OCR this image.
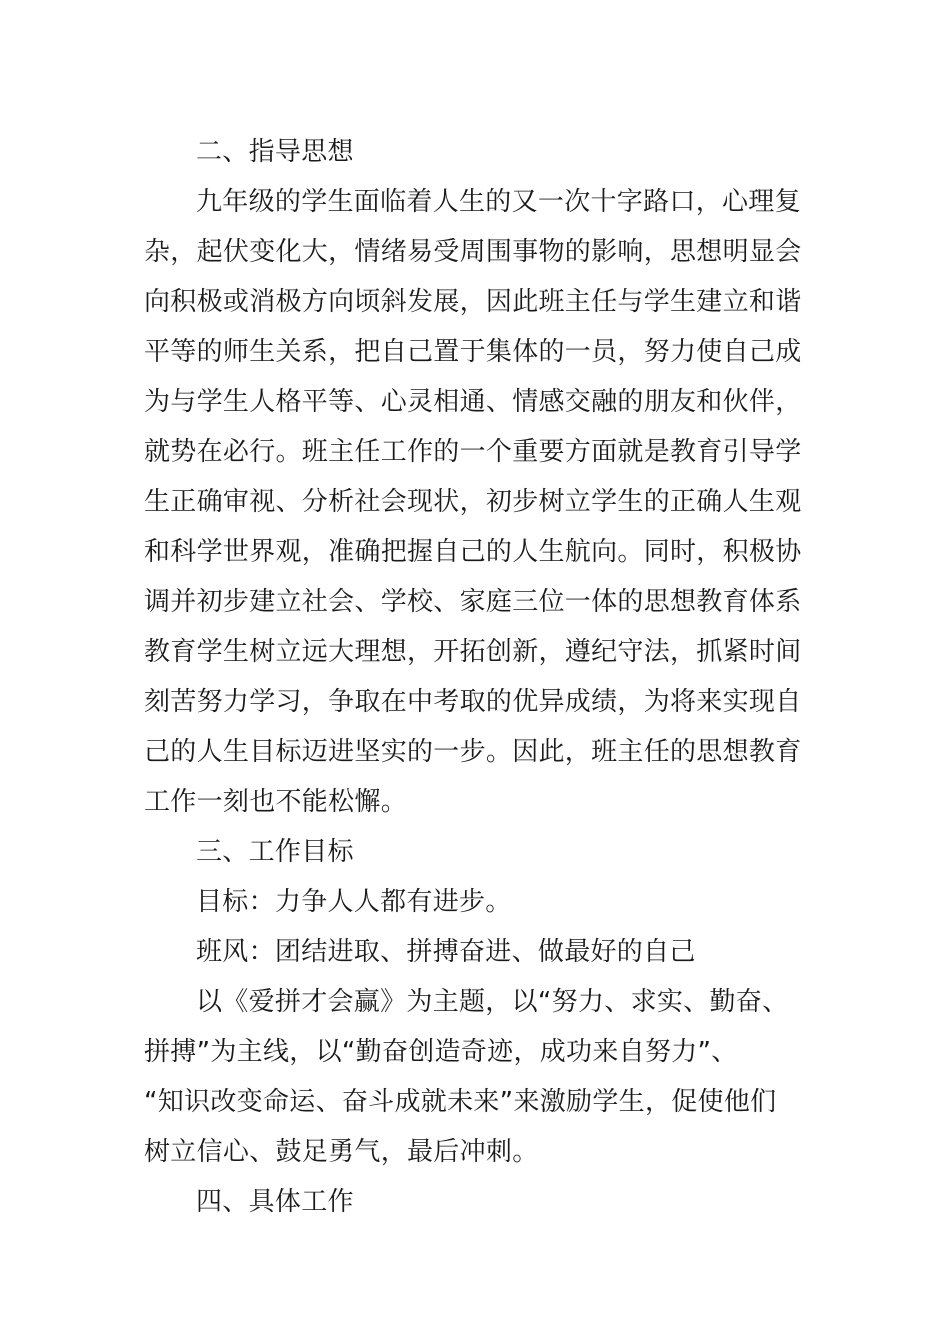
二、指导思想
九年级的学生面临着人生的又一次十字路口，心理复
杂，起伏变化大，情绪易受周围事物的影响，思想明显会
向积极或消极方向顷斜发展，因此班主任与学生建立和谐
平等的师生关系，把自己置于集体的一员，努力使自己成
为与学生人格平等、心灵相通、情感交融的朋友和伙伴，
就势在必行。班主任工作的一个重要方面就是教育引导学
生正确审视、分析社会现状，初步树立学生的正确人生观
和科学世界观，准确把握自己的人生航向。同时，积极协
调并初步建立社会、学校、家庭三位一体的思想教育体系
教育学生树立远大理想，开拓创新，遵纪守法，抓紧时间
刻苦努力学习，争取在中考取的优异成绩，为将来实现自
己的人生目标迈进坚实的一步。因此，班主任的思想教育
工作一刻也不能松懈。
三、工作目标
目标：力争人人都有进步。
班风：团结进取、拼搏奋进、做最好的自己
以《爱拼才会赢》为主题，以“努力、求实、勤奋、
拼搏”为主线，以“勤奋创造奇迹，成功来自努力”、
“知识改变命运、奋斗成就未来”来激励学生，促使他们
树立信心、鼓足勇气，最后冲刺。
四、具体工作
